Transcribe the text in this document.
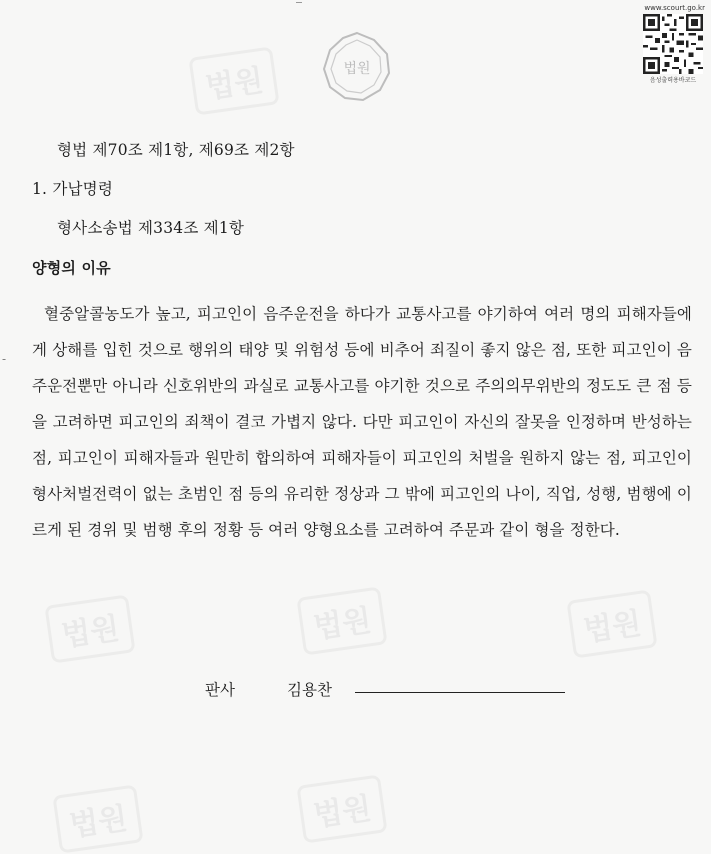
법원
법원	법원	법원
법원
법원
-
법원
www.scourt.go.kr
음성출력용바코드
형법 제70조 제1항, 제69조 제2항
1. 가납명령
형사소송법 제334조 제1항
양형의 이유
혈중알콜농도가 높고, 피고인이 음주운전을 하다가 교통사고를 야기하여 여러 명의 피해자들에게 상해를 입힌 것으로 행위의 태양 및 위험성 등에 비추어 죄질이 좋지 않은 점, 또한 피고인이 음주운전뿐만 아니라 신호위반의 과실로 교통사고를 야기한 것으로 주의의무위반의 정도도 큰 점 등을 고려하면 피고인의 죄책이 결코 가볍지 않다. 다만 피고인이 자신의 잘못을 인정하며 반성하는 점, 피고인이 피해자들과 원만히 합의하여 피해자들이 피고인의 처벌을 원하지 않는 점, 피고인이 형사처벌전력이 없는 초범인 점 등의 유리한 정상과 그 밖에 피고인의 나이, 직업, 성행, 범행에 이르게 된 경위 및 범행 후의 정황 등 여러 양형요소를 고려하여 주문과 같이 형을 정한다.
판사	김용찬
